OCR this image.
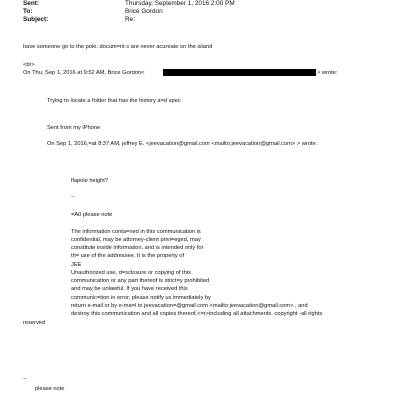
Sent:	Thursday, September 1, 2016 2:00 PM
To:	Brice Gordon
Subject:	Re:
have someone go to the pole. docum=nt s are never acureate on the island
<br>
On Thu, Sep 1, 2016 at 9:52 AM, Brice Gordon<	> wrote:
Trying to locate a folder that has the history a=d spec
Sent from my iPhone
On Sep 1, 2016,=at 8:37 AM, jeffrey E. <jeevacation@gmail.com <mailto:jeevacation@gmail.com> > wrote:
flapole height?
--
=A0 please note
The information conta=ned in this communication is
confidential, may be attorney-client privi=eged, may
constitute inside information, and is intended only for
th= use of the addressee. It is the property of
JEE
Unauthorized use, d=sclosure or copying of this
communication or any part thereof is strict=y prohibited
and may be unlawful. If you have received this
communic=tion in error, please notify us immediately by
return e-mail or by e-ma=l to jeevacation=@gmail.com <mailto:jeevacation@gmail.com> , and
destroy this communication and all copies thereof,<=r>including all attachments. copyright -all rights
reserved
--
please note
